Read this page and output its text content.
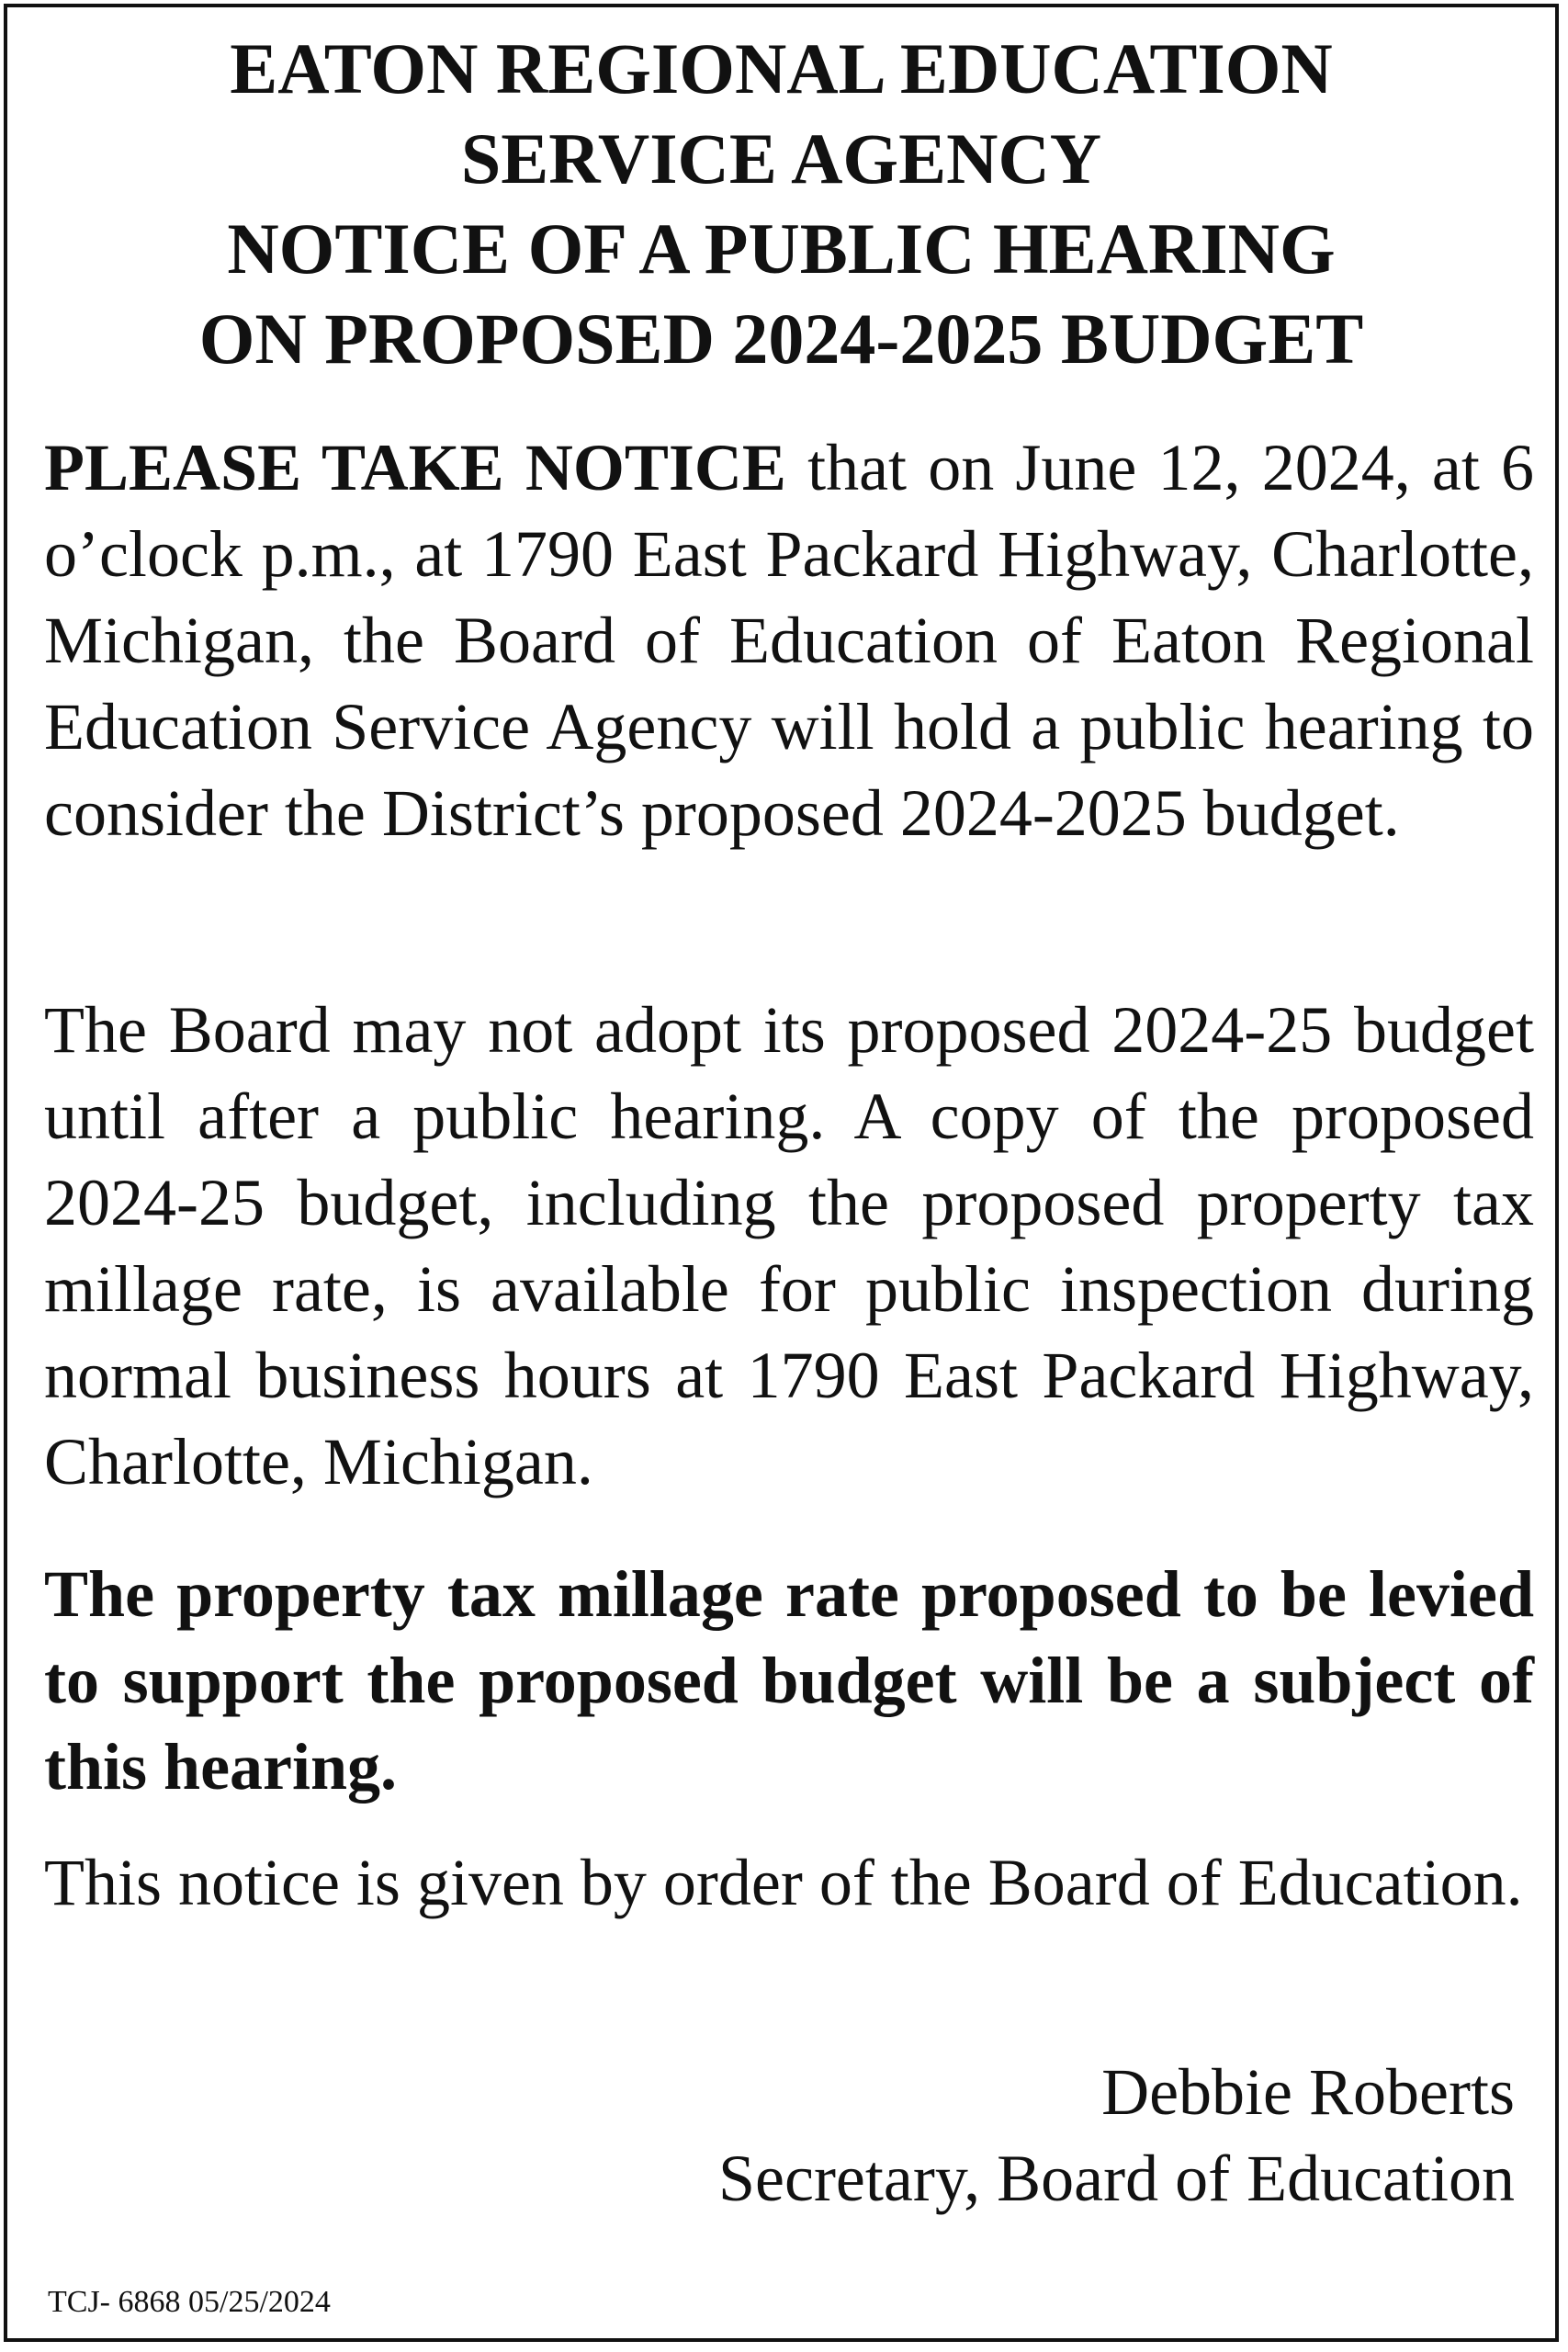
EATON REGIONAL EDUCATION
SERVICE AGENCY
NOTICE OF A PUBLIC HEARING
ON PROPOSED 2024-2025 BUDGET

PLEASE TAKE NOTICE that on June 12, 2024, at 6 o’clock p.m., at 1790 East Packard Highway, Charlotte, Michigan, the Board of Education of Eaton Regional Education Service Agency will hold a public hearing to consider the District’s proposed 2024-2025 budget.

The Board may not adopt its proposed 2024-25 budget until after a public hearing. A copy of the proposed 2024-25 budget, including the proposed property tax millage rate, is available for public inspection during normal business hours at 1790 East Packard Highway, Charlotte, Michigan.

The property tax millage rate proposed to be levied to support the proposed budget will be a subject of this hearing.

This notice is given by order of the Board of Education.

Debbie Roberts
Secretary, Board of Education
TCJ- 6868 05/25/2024
